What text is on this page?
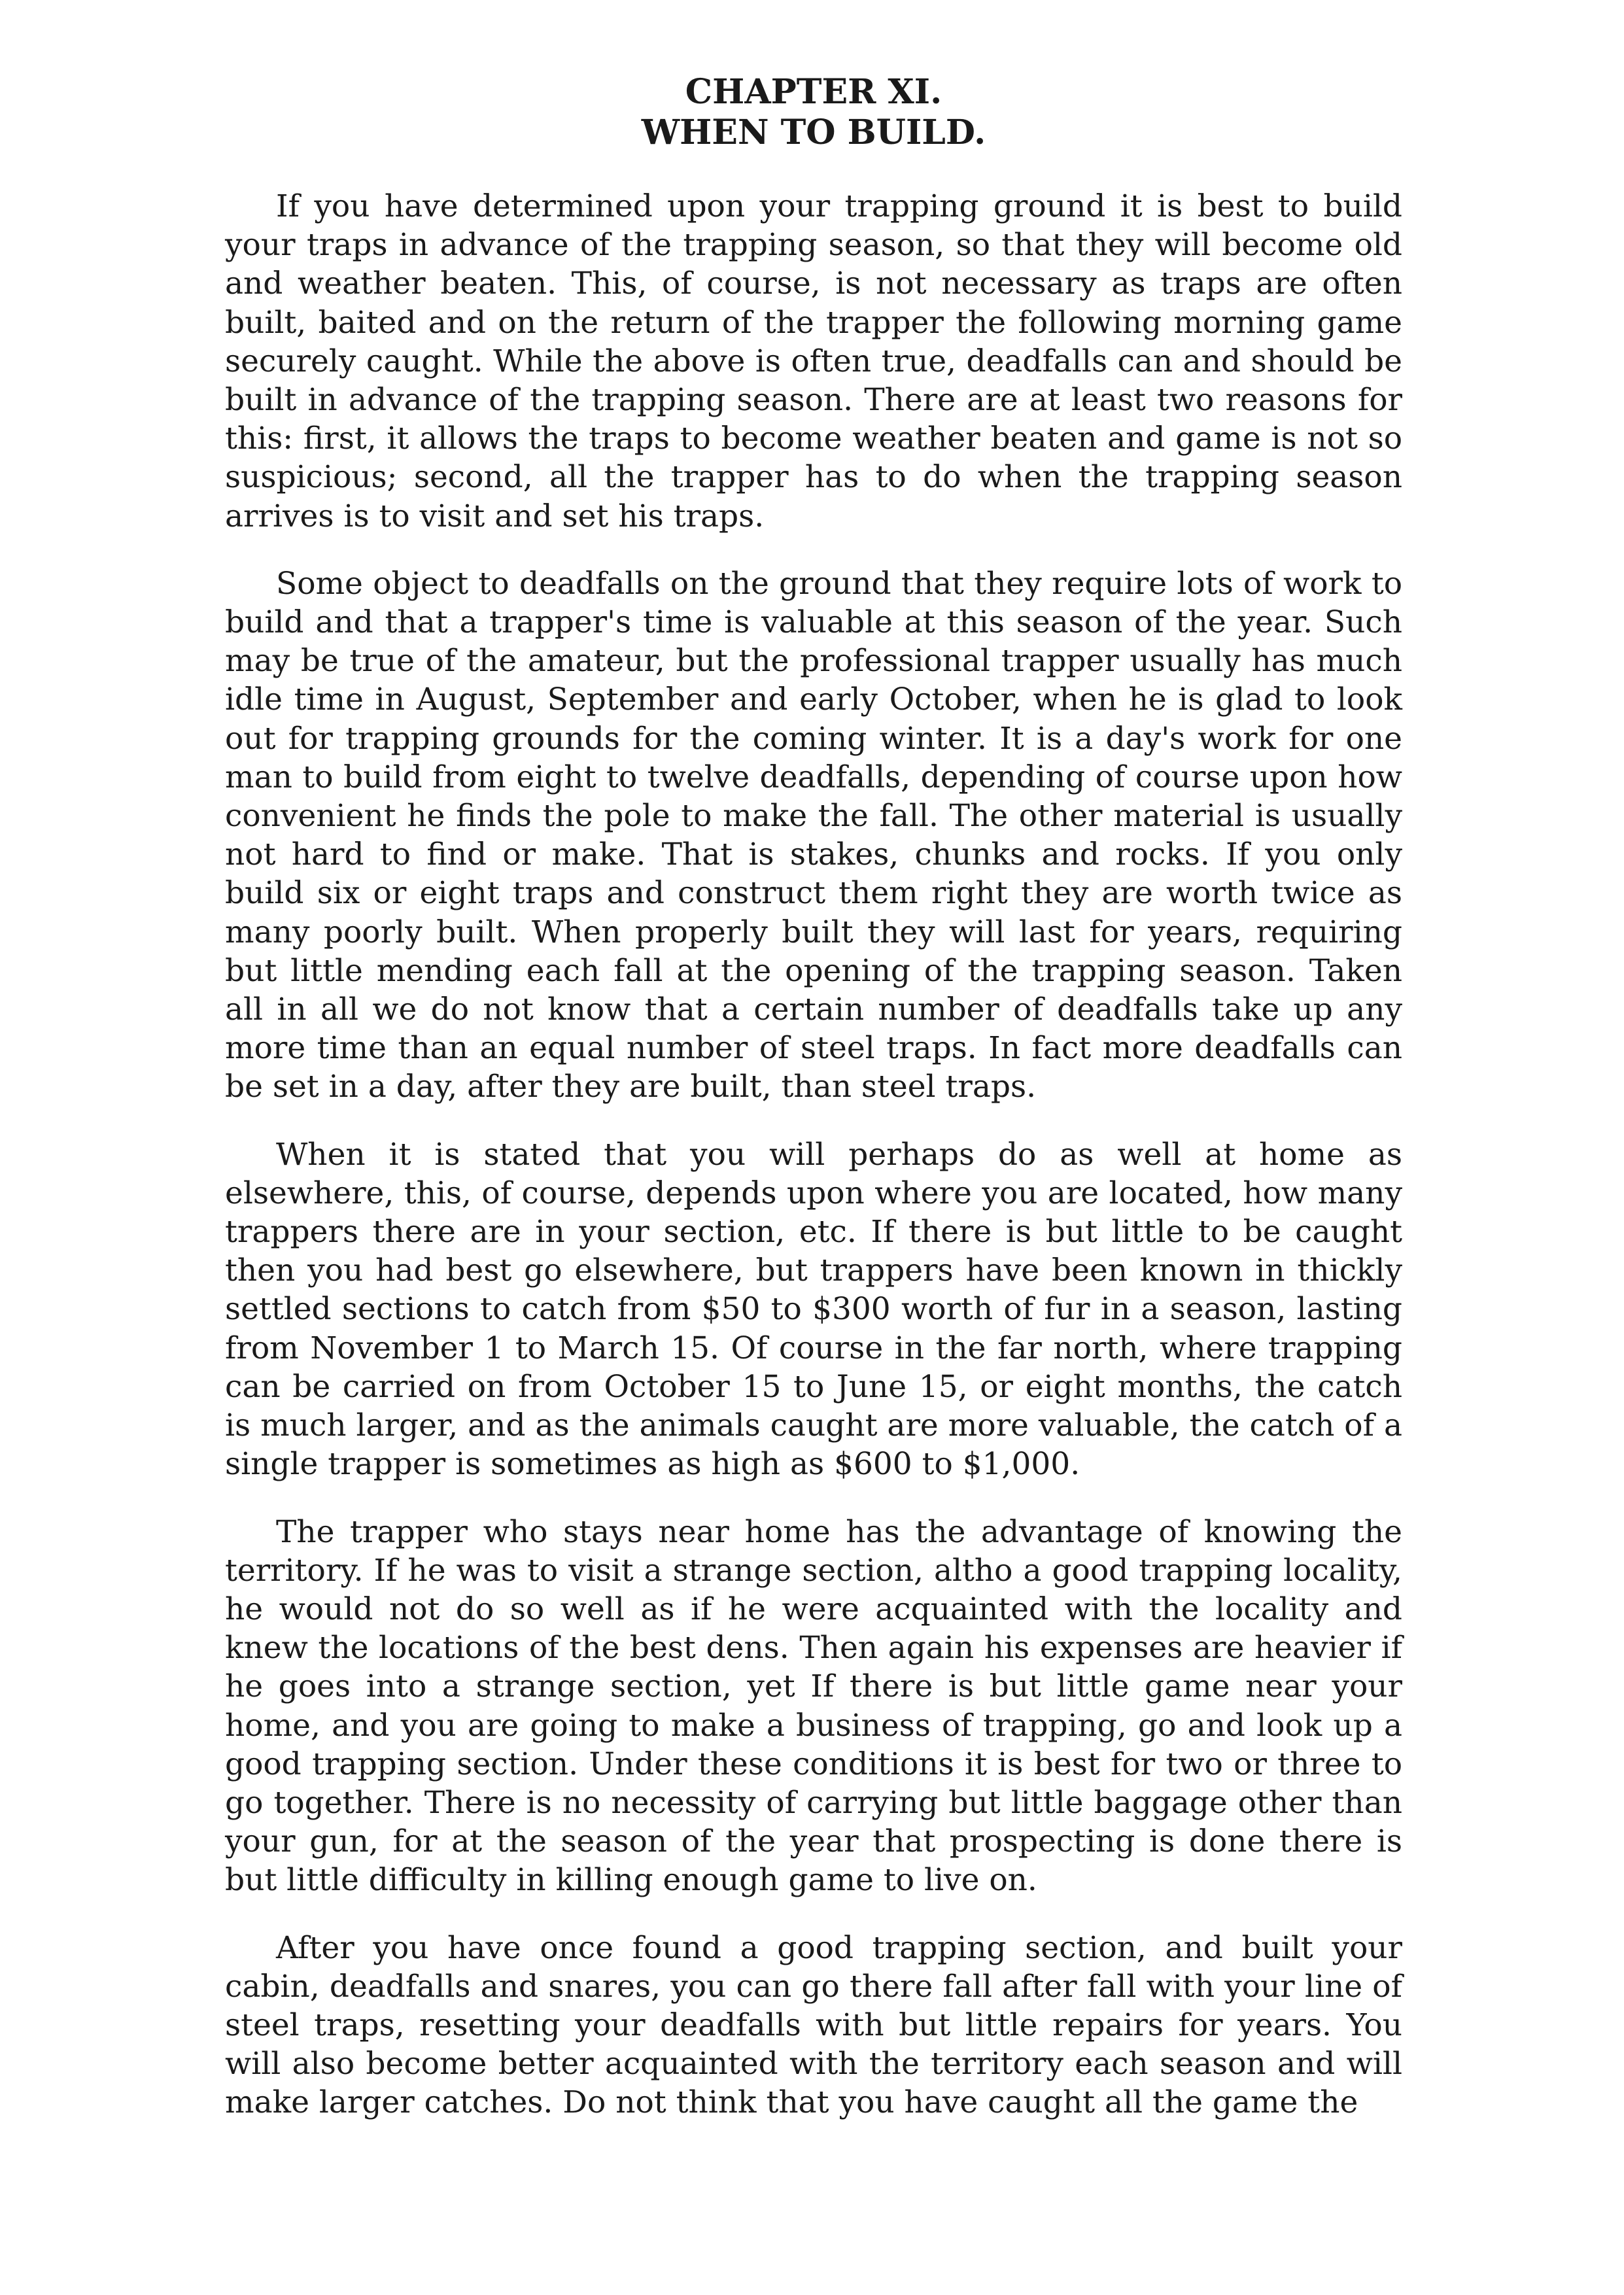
CHAPTER XI.
WHEN TO BUILD.

If you have determined upon your trapping ground it is best to build your traps in advance of the trapping season, so that they will become old and weather beaten. This, of course, is not necessary as traps are often built, baited and on the return of the trapper the following morning game securely caught. While the above is often true, deadfalls can and should be built in advance of the trapping season. There are at least two reasons for this: first, it allows the traps to become weather beaten and game is not so suspicious; second, all the trapper has to do when the trapping season arrives is to visit and set his traps.

Some object to deadfalls on the ground that they require lots of work to build and that a trapper's time is valuable at this season of the year. Such may be true of the amateur, but the professional trapper usually has much idle time in August, September and early October, when he is glad to look out for trapping grounds for the coming winter. It is a day's work for one man to build from eight to twelve deadfalls, depending of course upon how convenient he finds the pole to make the fall. The other material is usually not hard to find or make. That is stakes, chunks and rocks. If you only build six or eight traps and construct them right they are worth twice as many poorly built. When properly built they will last for years, requiring but little mending each fall at the opening of the trapping season. Taken all in all we do not know that a certain number of deadfalls take up any more time than an equal number of steel traps. In fact more deadfalls can be set in a day, after they are built, than steel traps.

When it is stated that you will perhaps do as well at home as elsewhere, this, of course, depends upon where you are located, how many trappers there are in your section, etc. If there is but little to be caught then you had best go elsewhere, but trappers have been known in thickly settled sections to catch from $50 to $300 worth of fur in a season, lasting from November 1 to March 15. Of course in the far north, where trapping can be carried on from October 15 to June 15, or eight months, the catch is much larger, and as the animals caught are more valuable, the catch of a single trapper is sometimes as high as $600 to $1,000.

The trapper who stays near home has the advantage of knowing the territory. If he was to visit a strange section, altho a good trapping locality, he would not do so well as if he were acquainted with the locality and knew the locations of the best dens. Then again his expenses are heavier if he goes into a strange section, yet If there is but little game near your home, and you are going to make a business of trapping, go and look up a good trapping section. Under these conditions it is best for two or three to go together. There is no necessity of carrying but little baggage other than your gun, for at the season of the year that prospecting is done there is but little difficulty in killing enough game to live on.

After you have once found a good trapping section, and built your cabin, deadfalls and snares, you can go there fall after fall with your line of steel traps, resetting your deadfalls with but little repairs for years. You will also become better acquainted with the territory each season and will make larger catches. Do not think that you have caught all the game the
